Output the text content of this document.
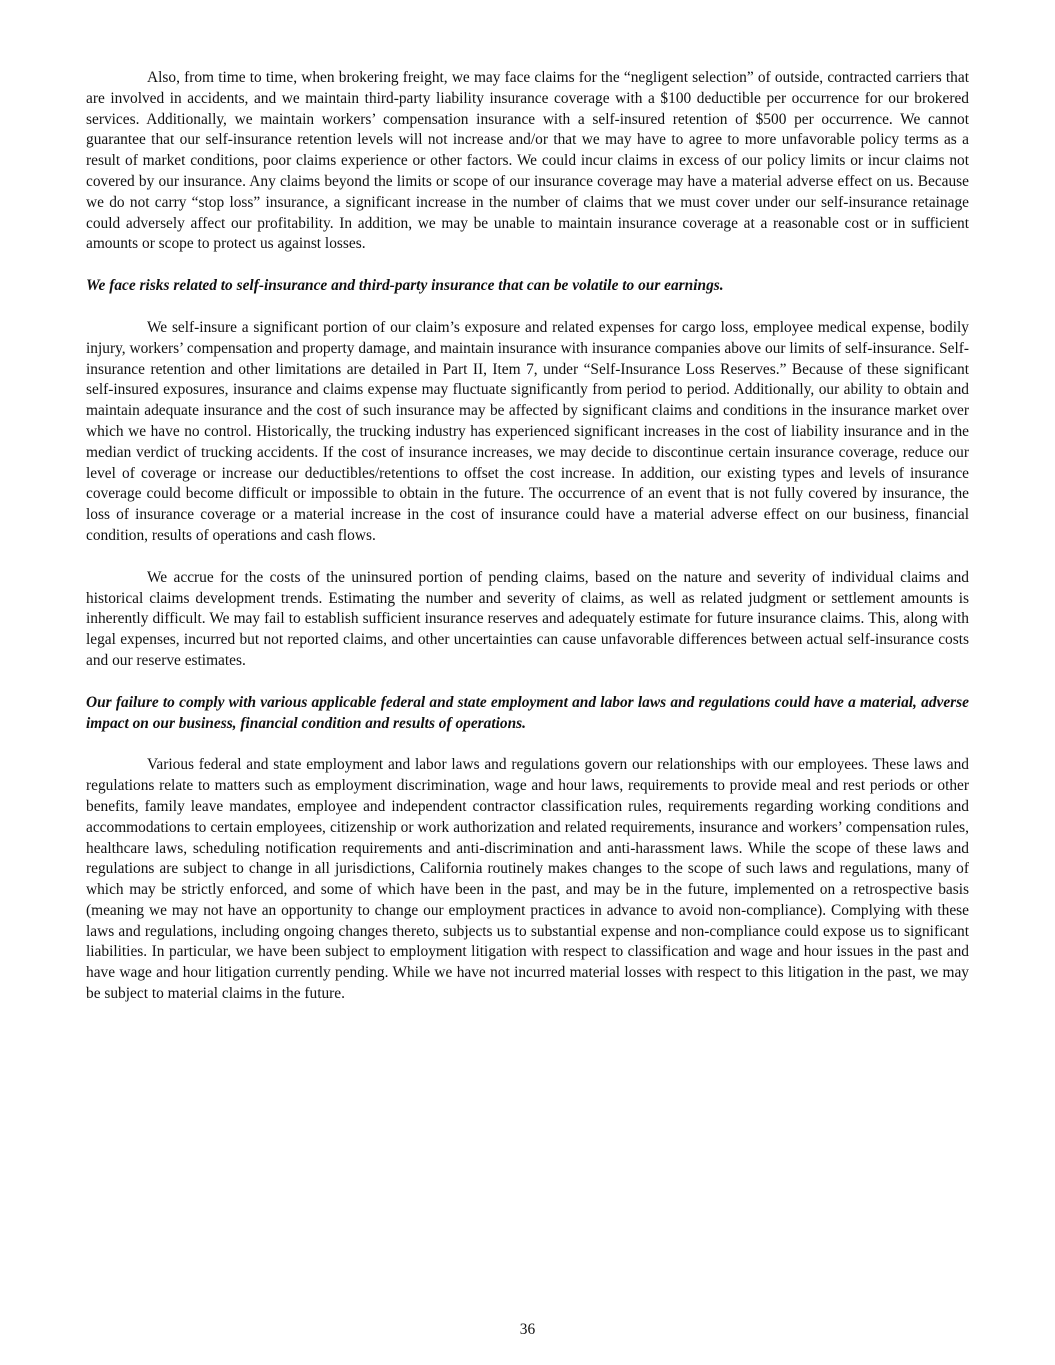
Also, from time to time, when brokering freight, we may face claims for the “negligent selection” of outside, contracted carriers that are involved in accidents, and we maintain third-party liability insurance coverage with a $100 deductible per occurrence for our brokered services. Additionally, we maintain workers’ compensation insurance with a self-insured retention of $500 per occurrence. We cannot guarantee that our self-insurance retention levels will not increase and/or that we may have to agree to more unfavorable policy terms as a result of market conditions, poor claims experience or other factors. We could incur claims in excess of our policy limits or incur claims not covered by our insurance. Any claims beyond the limits or scope of our insurance coverage may have a material adverse effect on us. Because we do not carry “stop loss” insurance, a significant increase in the number of claims that we must cover under our self-insurance retainage could adversely affect our profitability. In addition, we may be unable to maintain insurance coverage at a reasonable cost or in sufficient amounts or scope to protect us against losses.

We face risks related to self-insurance and third-party insurance that can be volatile to our earnings.

We self-insure a significant portion of our claim’s exposure and related expenses for cargo loss, employee medical expense, bodily injury, workers’ compensation and property damage, and maintain insurance with insurance companies above our limits of self-insurance. Self-insurance retention and other limitations are detailed in Part II, Item 7, under “Self-Insurance Loss Reserves.” Because of these significant self-insured exposures, insurance and claims expense may fluctuate significantly from period to period. Additionally, our ability to obtain and maintain adequate insurance and the cost of such insurance may be affected by significant claims and conditions in the insurance market over which we have no control. Historically, the trucking industry has experienced significant increases in the cost of liability insurance and in the median verdict of trucking accidents. If the cost of insurance increases, we may decide to discontinue certain insurance coverage, reduce our level of coverage or increase our deductibles/retentions to offset the cost increase. In addition, our existing types and levels of insurance coverage could become difficult or impossible to obtain in the future. The occurrence of an event that is not fully covered by insurance, the loss of insurance coverage or a material increase in the cost of insurance could have a material adverse effect on our business, financial condition, results of operations and cash flows.

We accrue for the costs of the uninsured portion of pending claims, based on the nature and severity of individual claims and historical claims development trends. Estimating the number and severity of claims, as well as related judgment or settlement amounts is inherently difficult. We may fail to establish sufficient insurance reserves and adequately estimate for future insurance claims. This, along with legal expenses, incurred but not reported claims, and other uncertainties can cause unfavorable differences between actual self-insurance costs and our reserve estimates.

Our failure to comply with various applicable federal and state employment and labor laws and regulations could have a material, adverse impact on our business, financial condition and results of operations.

Various federal and state employment and labor laws and regulations govern our relationships with our employees. These laws and regulations relate to matters such as employment discrimination, wage and hour laws, requirements to provide meal and rest periods or other benefits, family leave mandates, employee and independent contractor classification rules, requirements regarding working conditions and accommodations to certain employees, citizenship or work authorization and related requirements, insurance and workers’ compensation rules, healthcare laws, scheduling notification requirements and anti-discrimination and anti-harassment laws. While the scope of these laws and regulations are subject to change in all jurisdictions, California routinely makes changes to the scope of such laws and regulations, many of which may be strictly enforced, and some of which have been in the past, and may be in the future, implemented on a retrospective basis (meaning we may not have an opportunity to change our employment practices in advance to avoid non-compliance). Complying with these laws and regulations, including ongoing changes thereto, subjects us to substantial expense and non-compliance could expose us to significant liabilities. In particular, we have been subject to employment litigation with respect to classification and wage and hour issues in the past and have wage and hour litigation currently pending. While we have not incurred material losses with respect to this litigation in the past, we may be subject to material claims in the future.

36
